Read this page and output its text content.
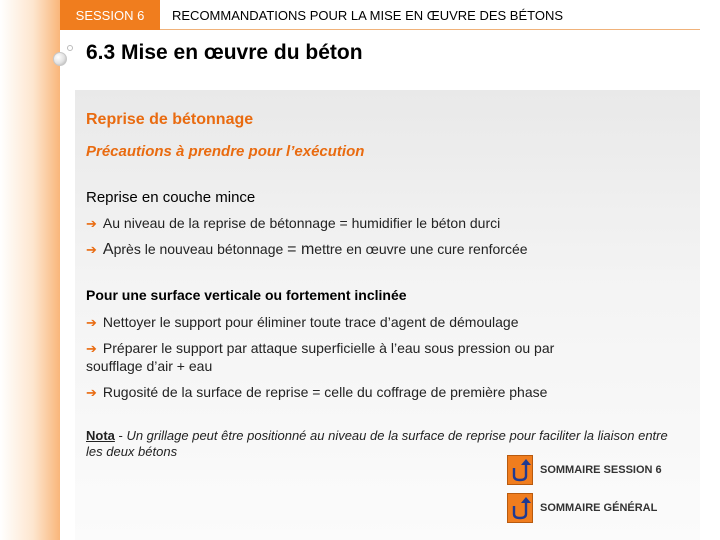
SESSION 6	RECOMMANDATIONS POUR LA MISE EN ŒUVRE DES BÉTONS
6.3 Mise en œuvre du béton
Reprise de bétonnage
Précautions à prendre pour l’exécution
Reprise en couche mince
➔ Au niveau de la reprise de bétonnage = humidifier le béton durci
➔ Après le nouveau bétonnage = mettre en œuvre une cure renforcée
Pour une surface verticale ou fortement inclinée
➔ Nettoyer le support pour éliminer toute trace d’agent de démoulage
➔ Préparer le support par attaque superficielle à l’eau sous pression ou par
soufflage d’air + eau
➔ Rugosité de la surface de reprise = celle du coffrage de première phase
Nota - Un grillage peut être positionné au niveau de la surface de reprise pour faciliter la liaison entre les deux bétons
SOMMAIRE SESSION 6
SOMMAIRE GÉNÉRAL
